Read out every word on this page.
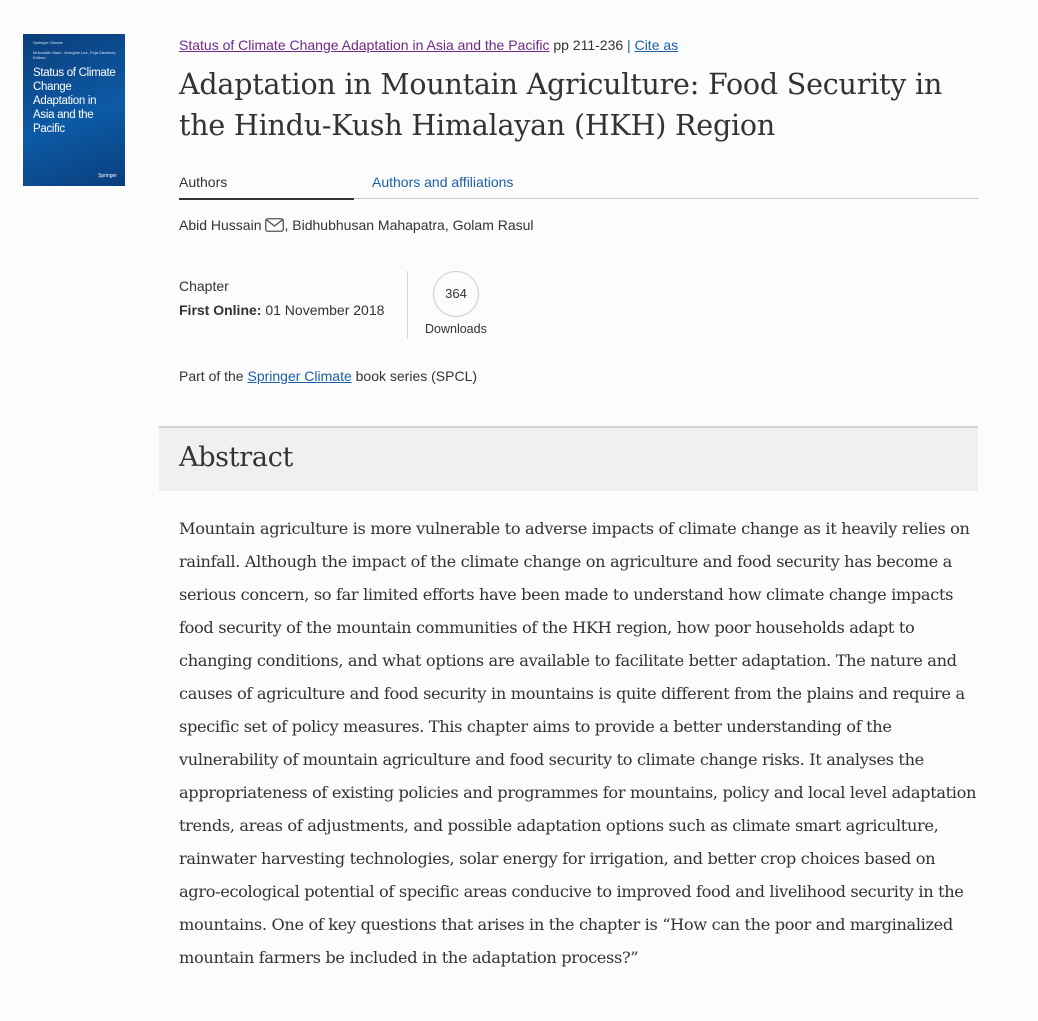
Springer Climate
Moinuddin Alam, Jeonghie Lee, Puja Sawhney · Editors
Status of Climate Change Adaptation in Asia and the Pacific
Springer
Status of Climate Change Adaptation in Asia and the Pacific pp 211-236 | Cite as
Adaptation in Mountain Agriculture: Food Security in the Hindu-Kush Himalayan (HKH) Region
Authors	Authors and affiliations
Abid Hussain , Bidhubhusan Mahapatra, Golam Rasul
Chapter
First Online: 01 November 2018
364
Downloads
Part of the Springer Climate book series (SPCL)
Abstract

Mountain agriculture is more vulnerable to adverse impacts of climate change as it heavily relies on rainfall. Although the impact of the climate change on agriculture and food security has become a serious concern, so far limited efforts have been made to understand how climate change impacts food security of the mountain communities of the HKH region, how poor households adapt to changing conditions, and what options are available to facilitate better adaptation. The nature and causes of agriculture and food security in mountains is quite different from the plains and require a specific set of policy measures. This chapter aims to provide a better understanding of the vulnerability of mountain agriculture and food security to climate change risks. It analyses the appropriateness of existing policies and programmes for mountains, policy and local level adaptation trends, areas of adjustments, and possible adaptation options such as climate smart agriculture, rainwater harvesting technologies, solar energy for irrigation, and better crop choices based on agro-ecological potential of specific areas conducive to improved food and livelihood security in the mountains. One of key questions that arises in the chapter is “How can the poor and marginalized mountain farmers be included in the adaptation process?”
